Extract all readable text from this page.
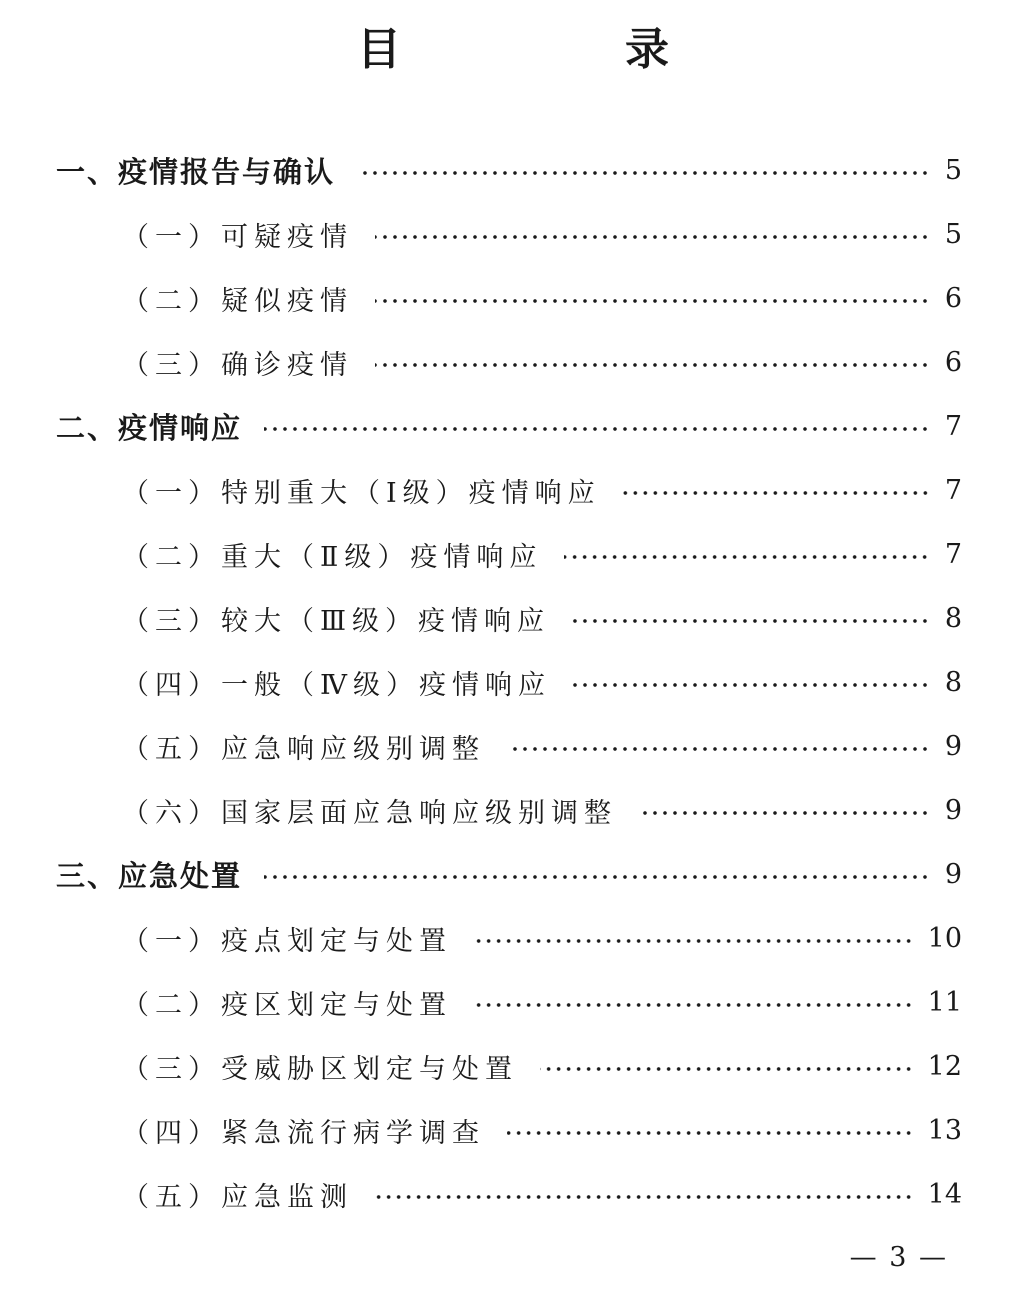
目　录
一、疫情报告与确认	5
（一）可疑疫情	5
（二）疑似疫情	6
（三）确诊疫情	6
二、疫情响应	7
（一）特别重大（Ⅰ级）疫情响应	7
（二）重大（Ⅱ级）疫情响应	7
（三）较大（Ⅲ级）疫情响应	8
（四）一般（Ⅳ级）疫情响应	8
（五）应急响应级别调整	9
（六）国家层面应急响应级别调整	9
三、应急处置	9
（一）疫点划定与处置	10
（二）疫区划定与处置	11
（三）受威胁区划定与处置	12
（四）紧急流行病学调查	13
（五）应急监测	14
— 3 —
